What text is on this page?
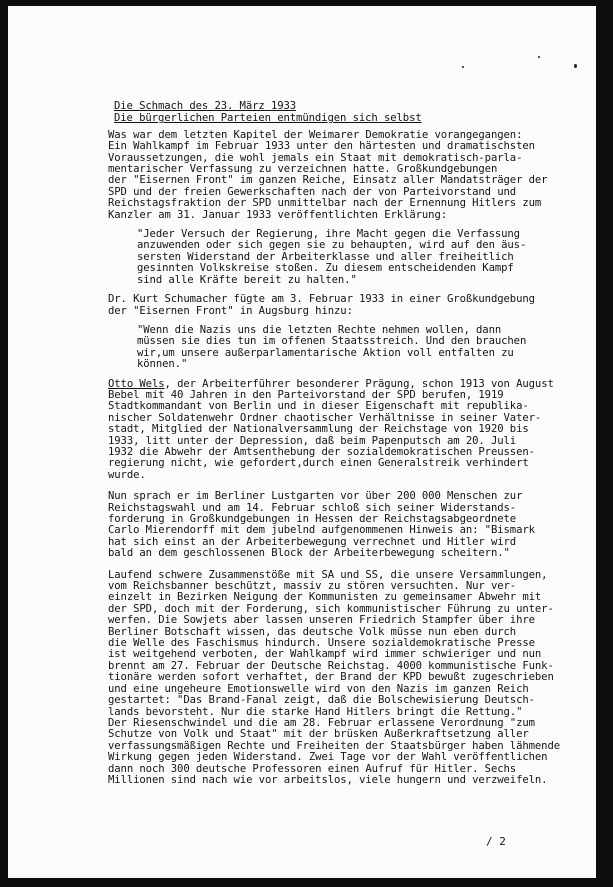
Die Schmach des 23. März 1933
Die bürgerlichen Parteien entmündigen sich selbst
Was war dem letzten Kapitel der Weimarer Demokratie vorangegangen:
Ein Wahlkampf im Februar 1933 unter den härtesten und dramatischsten
Voraussetzungen, die wohl jemals ein Staat mit demokratisch-parla-
mentarischer Verfassung zu verzeichnen hatte. Großkundgebungen
der "Eisernen Front" im ganzen Reiche, Einsatz aller Mandatsträger der
SPD und der freien Gewerkschaften nach der von Parteivorstand und
Reichstagsfraktion der SPD unmittelbar nach der Ernennung Hitlers zum
Kanzler am 31. Januar 1933 veröffentlichten Erklärung:
"Jeder Versuch der Regierung, ihre Macht gegen die Verfassung
anzuwenden oder sich gegen sie zu behaupten, wird auf den äus-
sersten Widerstand der Arbeiterklasse und aller freiheitlich
gesinnten Volkskreise stoßen. Zu diesem entscheidenden Kampf
sind alle Kräfte bereit zu halten."
Dr. Kurt Schumacher fügte am 3. Februar 1933 in einer Großkundgebung
der "Eisernen Front" in Augsburg hinzu:
"Wenn die Nazis uns die letzten Rechte nehmen wollen, dann
müssen sie dies tun im offenen Staatsstreich. Und den brauchen
wir,um unsere außerparlamentarische Aktion voll entfalten zu
können."
Otto Wels, der Arbeiterführer besonderer Prägung, schon 1913 von August
Bebel mit 40 Jahren in den Parteivorstand der SPD berufen, 1919
Stadtkommandant von Berlin und in dieser Eigenschaft mit republika-
nischer Soldatenwehr Ordner chaotischer Verhältnisse in seiner Vater-
stadt, Mitglied der Nationalversammlung der Reichstage von 1920 bis
1933, litt unter der Depression, daß beim Papenputsch am 20. Juli
1932 die Abwehr der Amtsenthebung der sozialdemokratischen Preussen-
regierung nicht, wie gefordert,durch einen Generalstreik verhindert
wurde.
Nun sprach er im Berliner Lustgarten vor über 200 000 Menschen zur
Reichstagswahl und am 14. Februar schloß sich seiner Widerstands-
forderung in Großkundgebungen in Hessen der Reichstagsabgeordnete
Carlo Mierendorff mit dem jubelnd aufgenommenen Hinweis an: "Bismark
hat sich einst an der Arbeiterbewegung verrechnet und Hitler wird
bald an dem geschlossenen Block der Arbeiterbewegung scheitern."
Laufend schwere Zusammenstöße mit SA und SS, die unsere Versammlungen,
vom Reichsbanner beschützt, massiv zu stören versuchten. Nur ver-
einzelt in Bezirken Neigung der Kommunisten zu gemeinsamer Abwehr mit
der SPD, doch mit der Forderung, sich kommunistischer Führung zu unter-
werfen. Die Sowjets aber lassen unseren Friedrich Stampfer über ihre
Berliner Botschaft wissen, das deutsche Volk müsse nun eben durch
die Welle des Faschismus hindurch. Unsere sozialdemokratische Presse
ist weitgehend verboten, der Wahlkampf wird immer schwieriger und nun
brennt am 27. Februar der Deutsche Reichstag. 4000 kommunistische Funk-
tionäre werden sofort verhaftet, der Brand der KPD bewußt zugeschrieben
und eine ungeheure Emotionswelle wird von den Nazis im ganzen Reich
gestartet: "Das Brand-Fanal zeigt, daß die Bolschewisierung Deutsch-
lands bevorsteht. Nur die starke Hand Hitlers bringt die Rettung."
Der Riesenschwindel und die am 28. Februar erlassene Verordnung "zum
Schutze von Volk und Staat" mit der brüsken Außerkraftsetzung aller
verfassungsmäßigen Rechte und Freiheiten der Staatsbürger haben lähmende
Wirkung gegen jeden Widerstand. Zwei Tage vor der Wahl veröffentlichen
dann noch 300 deutsche Professoren einen Aufruf für Hitler. Sechs
Millionen sind nach wie vor arbeitslos, viele hungern und verzweifeln.
/ 2
